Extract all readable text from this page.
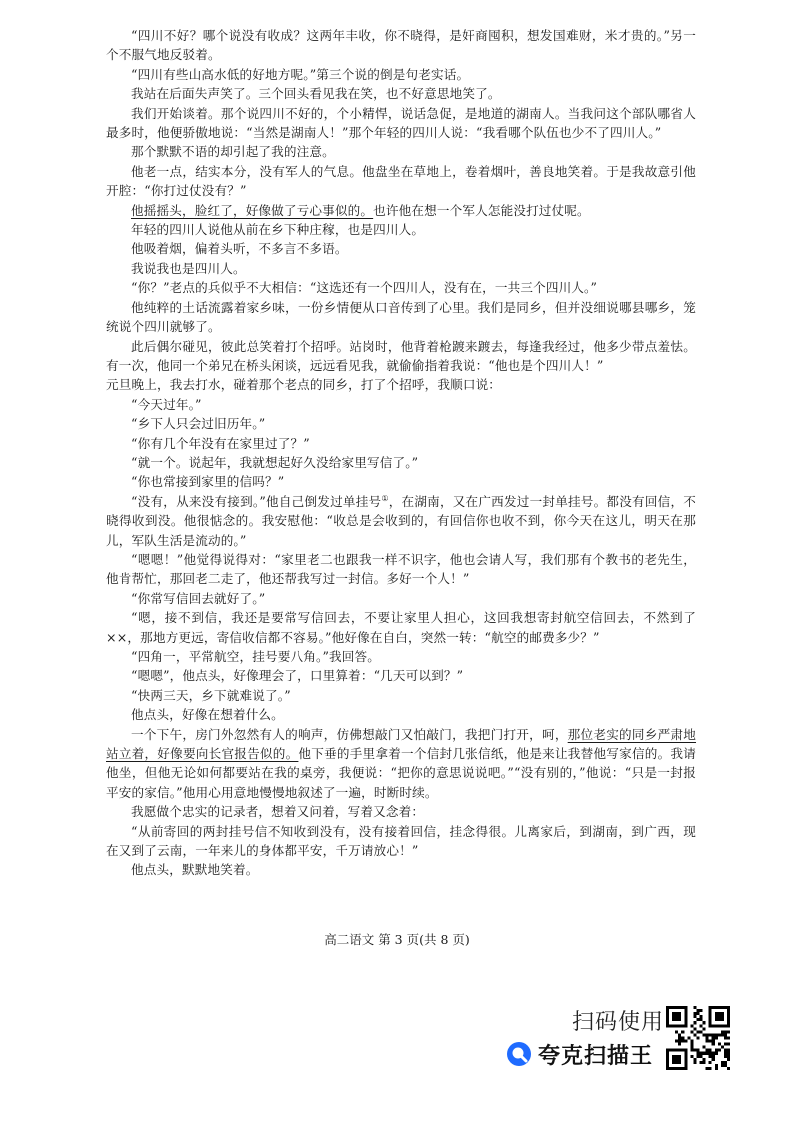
“四川不好？哪个说没有收成？这两年丰收，你不晓得，是奸商囤积，想发国难财，米才贵的。”另一个不服气地反驳着。

“四川有些山高水低的好地方呢。”第三个说的倒是句老实话。

我站在后面失声笑了。三个回头看见我在笑，也不好意思地笑了。

我们开始谈着。那个说四川不好的，个小精悍，说话急促，是地道的湖南人。当我问这个部队哪省人最多时，他便骄傲地说：“当然是湖南人！”那个年轻的四川人说：“我看哪个队伍也少不了四川人。”

那个默默不语的却引起了我的注意。

他老一点，结实本分，没有军人的气息。他盘坐在草地上，卷着烟叶，善良地笑着。于是我故意引他开腔：“你打过仗没有？”

他摇摇头，脸红了，好像做了亏心事似的。也许他在想一个军人怎能没打过仗呢。

年轻的四川人说他从前在乡下种庄稼，也是四川人。

他吸着烟，偏着头听，不多言不多语。

我说我也是四川人。

“你？”老点的兵似乎不大相信：“这选还有一个四川人，没有在，一共三个四川人。”

他纯粹的土话流露着家乡味，一份乡情便从口音传到了心里。我们是同乡，但并没细说哪县哪乡，笼统说个四川就够了。

此后偶尔碰见，彼此总笑着打个招呼。站岗时，他背着枪踱来踱去，每逢我经过，他多少带点羞怯。有一次，他同一个弟兄在桥头闲谈，远远看见我，就偷偷指着我说：“他也是个四川人！”

元旦晚上，我去打水，碰着那个老点的同乡，打了个招呼，我顺口说：

“今天过年。”

“乡下人只会过旧历年。”

“你有几个年没有在家里过了？”

“就一个。说起年，我就想起好久没给家里写信了。”

“你也常接到家里的信吗？”

“没有，从来没有接到。”他自己倒发过单挂号①，在湖南，又在广西发过一封单挂号。都没有回信，不晓得收到没。他很惦念的。我安慰他：“收总是会收到的，有回信你也收不到，你今天在这儿，明天在那儿，军队生活是流动的。”

“嗯嗯！”他觉得说得对：“家里老二也跟我一样不识字，他也会请人写，我们那有个教书的老先生，他肯帮忙，那回老二走了，他还帮我写过一封信。多好一个人！”

“你常写信回去就好了。”

“嗯，接不到信，我还是要常写信回去，不要让家里人担心，这回我想寄封航空信回去，不然到了××，那地方更远，寄信收信都不容易。”他好像在自白，突然一转：“航空的邮费多少？”

“四角一，平常航空，挂号要八角。”我回答。

“嗯嗯”，他点头，好像理会了，口里算着：“几天可以到？”

“快两三天，乡下就难说了。”

他点头，好像在想着什么。

一个下午，房门外忽然有人的响声，仿佛想敲门又怕敲门，我把门打开，呵，那位老实的同乡严肃地站立着，好像要向长官报告似的。他下垂的手里拿着一个信封几张信纸，他是来让我替他写家信的。我请他坐，但他无论如何都要站在我的桌旁，我便说：“把你的意思说说吧。”“没有别的，”他说：“只是一封报平安的家信。”他用心用意地慢慢地叙述了一遍，时断时续。

我愿做个忠实的记录者，想着又问着，写着又念着：

“从前寄回的两封挂号信不知收到没有，没有接着回信，挂念得很。儿离家后，到湖南，到广西，现在又到了云南，一年来儿的身体都平安，千万请放心！”

他点头，默默地笑着。

高二语文 第 3 页(共 8 页)
扫码使用
夸克扫描王
